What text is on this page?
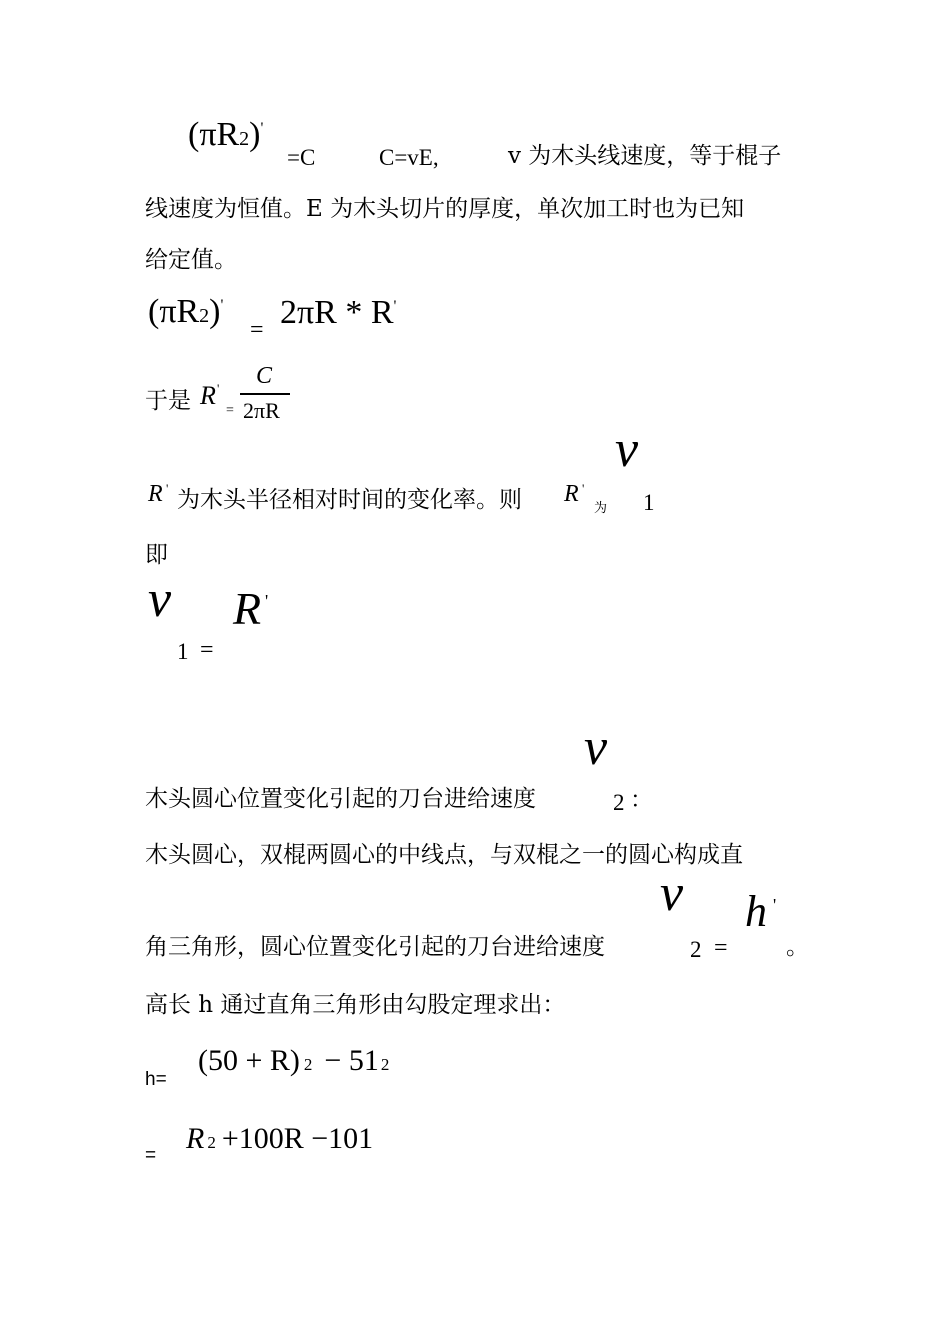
(πR2)'
=C	C=vE,	v 为木头线速度，等于棍子
线速度为恒值。E 为木头切片的厚度，单次加工时也为已知
给定值。
(πR2)'
= 2πR * R'
于是 R '
=
C
2πR
R ' 为木头半径相对时间的变化率。则 R '
为
v
1
即
v
1 =
R '
木头圆心位置变化引起的刀台进给速度
v
2 ：
木头圆心，双棍两圆心的中线点，与双棍之一的圆心构成直
角三角形，圆心位置变化引起的刀台进给速度
v
2 =
h '
。
高长 h 通过直角三角形由勾股定理求出：
h=
(50 + R) 2 − 51 2
=
R 2 +100R −101
